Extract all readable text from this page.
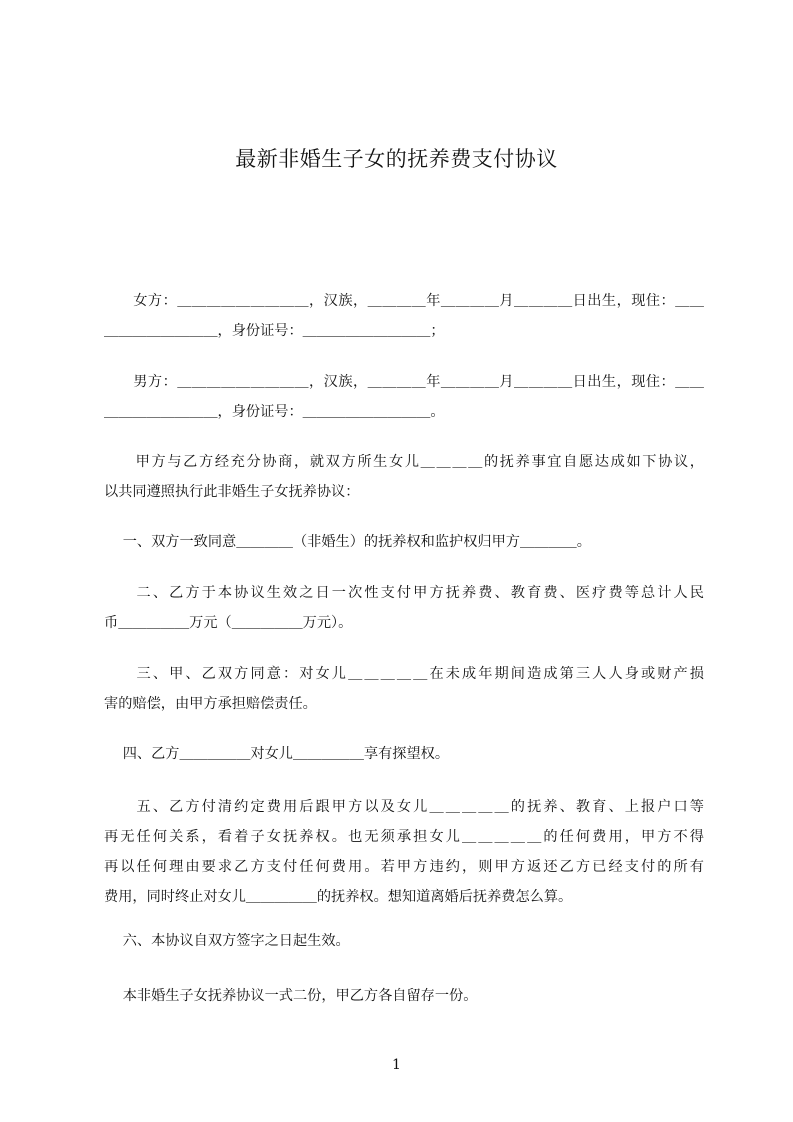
最新非婚生子女的抚养费支付协议
　　女方：＿＿＿＿＿＿＿＿＿，汉族，＿＿＿＿年＿＿＿＿月＿＿＿＿日出生，现住：＿＿
＿＿＿＿＿＿＿＿，身份证号：＿＿＿＿＿＿＿＿＿；
　　男方：＿＿＿＿＿＿＿＿＿，汉族，＿＿＿＿年＿＿＿＿月＿＿＿＿日出生，现住：＿＿
＿＿＿＿＿＿＿＿，身份证号：＿＿＿＿＿＿＿＿＿。
　　甲方与乙方经充分协商，就双方所生女儿＿＿＿＿的抚养事宜自愿达成如下协议，
以共同遵照执行此非婚生子女抚养协议：
　 一、双方一致同意＿＿＿＿（非婚生）的抚养权和监护权归甲方＿＿＿＿。
　　二、乙方于本协议生效之日一次性支付甲方抚养费、教育费、医疗费等总计人民
币＿＿＿＿＿万元（＿＿＿＿＿万元）。
　　三、甲、乙双方同意：对女儿＿＿＿＿＿在未成年期间造成第三人人身或财产损
害的赔偿，由甲方承担赔偿责任。
　 四、乙方＿＿＿＿＿对女儿＿＿＿＿＿享有探望权。
　　五、乙方付清约定费用后跟甲方以及女儿＿＿＿＿＿的抚养、教育、上报户口等
再无任何关系，看着子女抚养权。也无须承担女儿＿＿＿＿＿的任何费用，甲方不得
再以任何理由要求乙方支付任何费用。若甲方违约，则甲方返还乙方已经支付的所有
费用，同时终止对女儿＿＿＿＿＿的抚养权。想知道离婚后抚养费怎么算。
　 六、本协议自双方签字之日起生效。
　 本非婚生子女抚养协议一式二份，甲乙方各自留存一份。
1
